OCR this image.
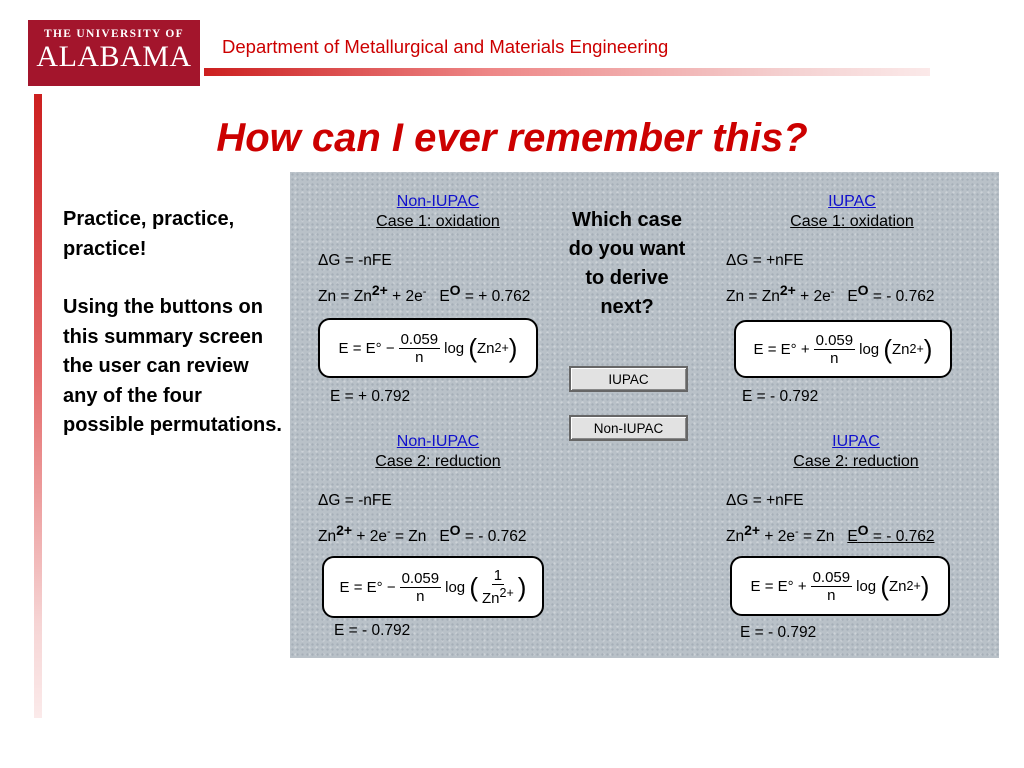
THE UNIVERSITY OF
ALABAMA	Department of Metallurgical and Materials Engineering
How can I ever remember this?

Practice, practice, practice!

Using the buttons on this summary screen the user can review any of the four possible permutations.

Non-IUPAC
Case 1: oxidation
ΔG = -nFE
Zn = Zn2+ + 2e- EO = + 0.762
$E = E^\circ - \frac{0.059}{n}$ log
( Zn 2+ )
E = + 0.792
Which case do you want to derive next?
IUPAC
Non-IUPAC
IUPAC
Case 1: oxidation
ΔG = +nFE
Zn = Zn2+ + 2e- EO = - 0.762
$E = E^\circ + \frac{0.059}{n}$ log
( Zn 2+ )
E = - 0.792
Non-IUPAC
Case 2: reduction
ΔG = -nFE
Zn2+ + 2e- = Zn EO = - 0.762
$E = E^\circ - \frac{0.059}{n}$ log
( $\frac{1}{Zn^{2+}}$ )
E = - 0.792
IUPAC
Case 2: reduction
ΔG = +nFE
Zn2+ + 2e- = Zn EO = - 0.762
$E = E^\circ + \frac{0.059}{n}$ log
( Zn 2+ )
E = - 0.792
